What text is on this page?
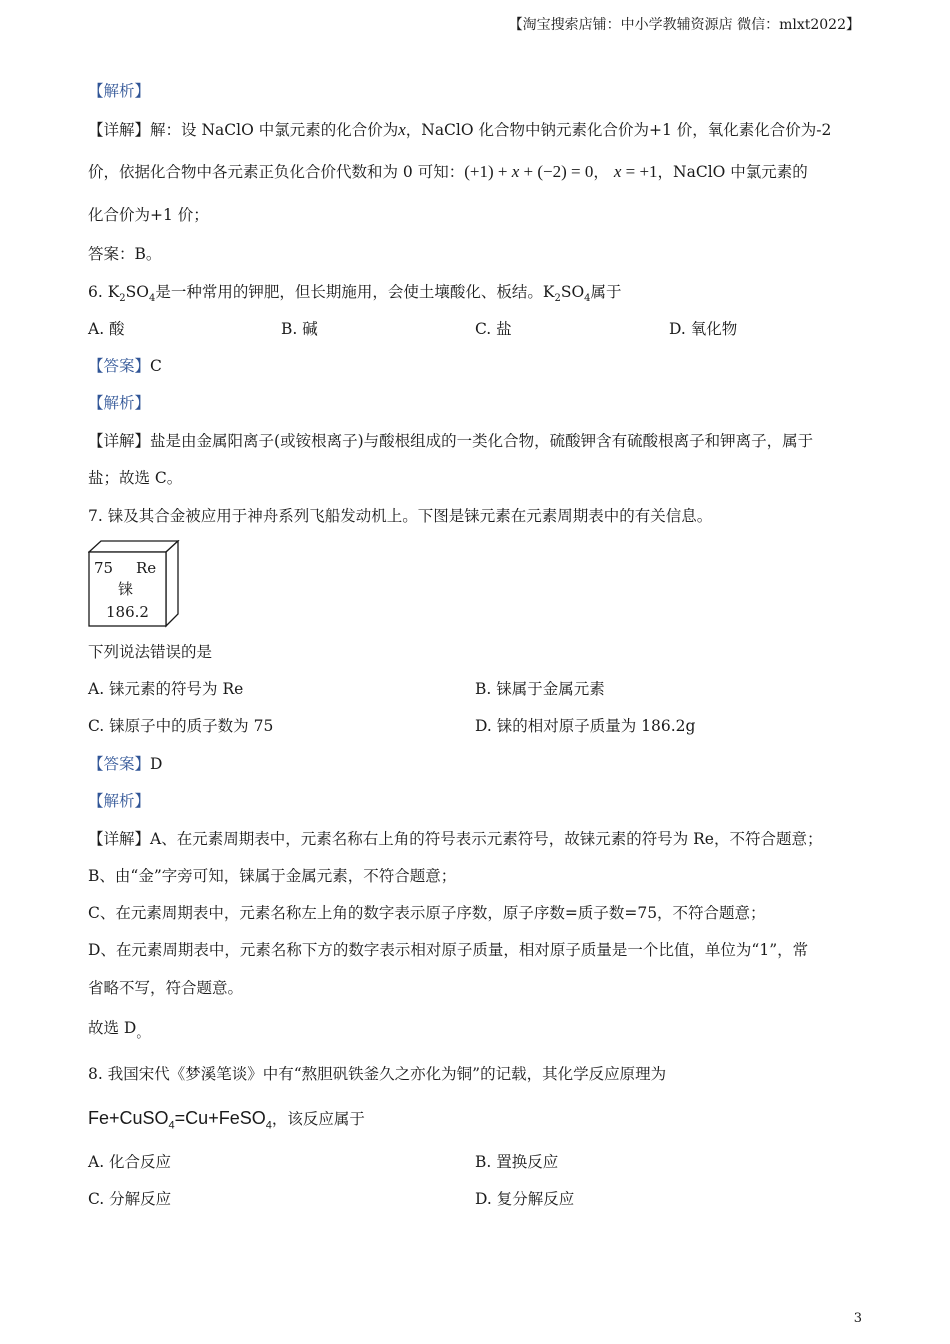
【淘宝搜索店铺：中小学教辅资源店 微信：mlxt2022】
【解析】
【详解】解：设 NaClO 中氯元素的化合价为x，NaClO 化合物中钠元素化合价为+1 价，氧化素化合价为-2
价，依据化合物中各元素正负化合价代数和为 0 可知：(+1) + x + (−2) = 0， x = +1，NaClO 中氯元素的
化合价为+1 价；
答案：B。
6. $K_2SO_4$是一种常用的钾肥，但长期施用，会使土壤酸化、板结。$K_2SO_4$属于
A. 酸	B. 碱	C. 盐	D. 氧化物
【答案】C
【解析】
【详解】盐是由金属阳离子(或铵根离子)与酸根组成的一类化合物，硫酸钾含有硫酸根离子和钾离子，属于
盐；故选 C。
7. 铼及其合金被应用于神舟系列飞船发动机上。下图是铼元素在元素周期表中的有关信息。
75 Re
铼
186.2
下列说法错误的是
A. 铼元素的符号为 Re	B. 铼属于金属元素
C. 铼原子中的质子数为 75	D. 铼的相对原子质量为 186.2g
【答案】D
【解析】
【详解】A、在元素周期表中，元素名称右上角的符号表示元素符号，故铼元素的符号为 Re，不符合题意；
B、由“金”字旁可知，铼属于金属元素，不符合题意；
C、在元素周期表中，元素名称左上角的数字表示原子序数，原子序数=质子数=75，不符合题意；
D、在元素周期表中，元素名称下方的数字表示相对原子质量，相对原子质量是一个比值，单位为“1”，常
省略不写，符合题意。
故选 $D_。$
8. 我国宋代《梦溪笔谈》中有“熬胆矾铁釜久之亦化为铜”的记载，其化学反应原理为
Fe+CuSO$_4$=Cu+FeSO$_4$，该反应属于
A. 化合反应	B. 置换反应
C. 分解反应	D. 复分解反应
3
